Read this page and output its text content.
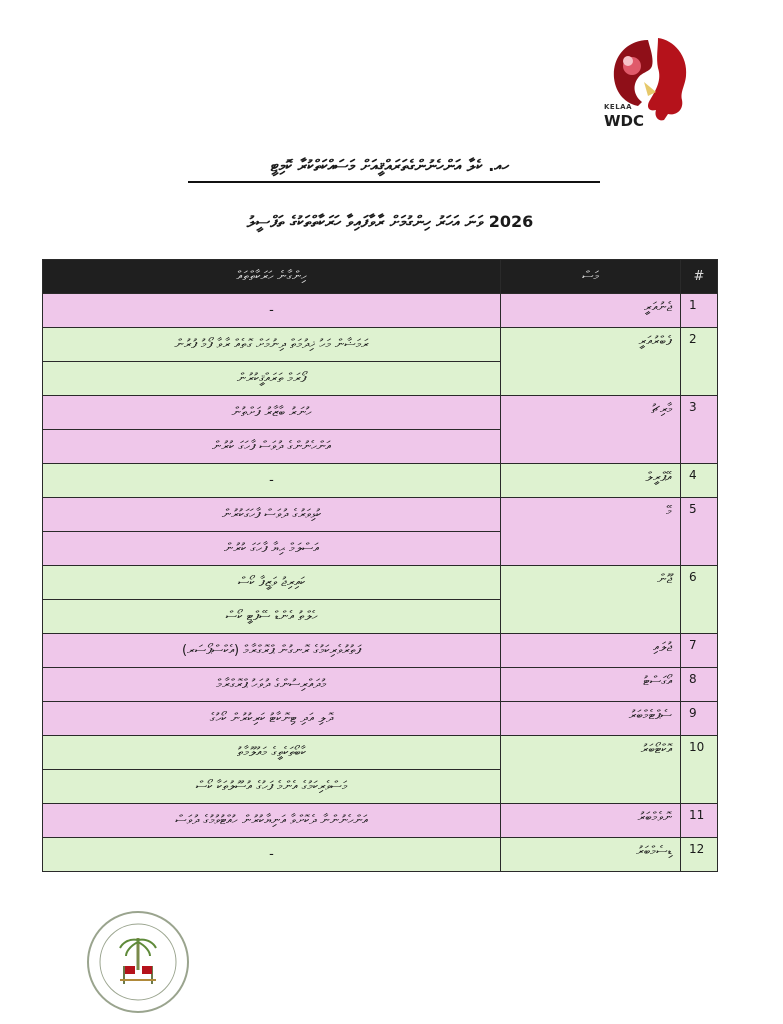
KELAA
WDC
ހއ. ކެލާ އަންހެނުންގެތަރައްޤީއަށް މަސައްކަތްކުރާ ކޮމިޓީ
2026 ވަނަ އަހަރު ހިންގުމަށް ރާވާފައިވާ ހަރަކާތްތަކުގެ ތަފްސީލު
ހިންގާނެ ހަރަކާތްތައް	މަސް	#
-	ޖެނުއަރީ	1
ރަމަޟާން މަހު ޚިދުމަތް ދިނުމަށް ގޮތެއް ރާވާ ފޯމު ފުރުން	ފެބްރުއަރީ	2
ފޯރަމް ތަރައްޤީކުރުން		
ހުނަރު ބާޒާރު ފަށްތުން	މާރިޗު	3
އަންހެނުންގެ ދުވަސް ފާހަގަ ކުރުން		
-	އޭޕްރީލް	4
ކުޅިވަރުގެ ދުވަސް ފާހަގަކުރުން	މޭ	5
އަސްލަމް ޙިޔާ ފާހަގަ ކުރުން		
ކައިރިޖު ވަޒީފާ ކޯސް	ޖޫން	6
ހެލްތު އެންޑް ސޭފްޓީ ކޯސް		
ފަތުރުވެރިކަމުގެ ރޮނގުން ޕްރޮގްރާމް (އެކްސްޕޯސަރ)	ޖުލައި	7
މުދައްރިސުންގެ ދުވަހު ޕްރޮގްރާމް	އޯގަސްޓު	8
ދޮލި އަދި ޓިނޮކާޓު ކަރިކުރުން ކޯހުގެ	ސެޕްޓެމްބަރު	9
ކާބޯތަކެތީގެ މައުލޫމާތު	އޮކްޓޯބަރު	10
މަސްވެރިކަމުގެ އެންމެ ފަހުގެ އުސޫލުތަކާ ކޯސް		
އަންހެނުންނާ ދެކޮށްވާ އަނިޔާކުރުން ހުއްޓުވުމުގެ ދުވަސް	ނޮވެމްބަރު	11
-	ޑިސެމްބަރު	12
